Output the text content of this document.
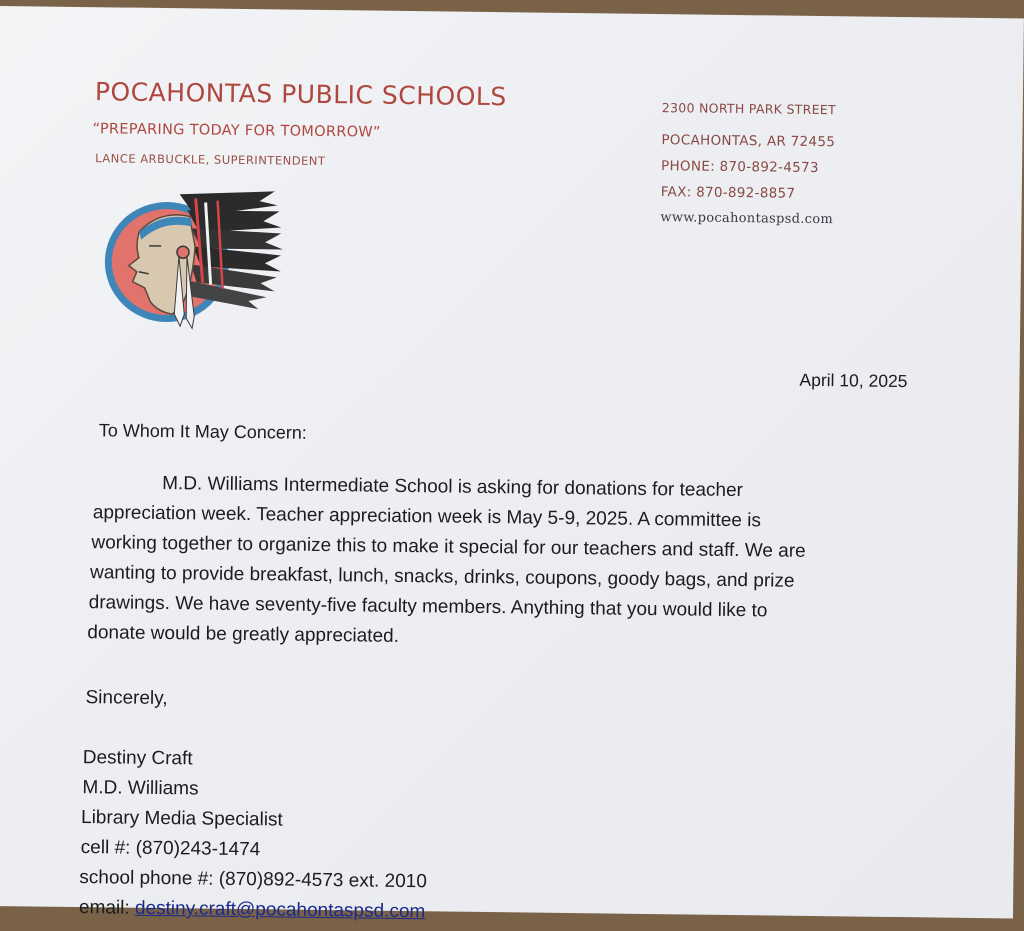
POCAHONTAS PUBLIC SCHOOLS
“PREPARING TODAY FOR TOMORROW”
LANCE ARBUCKLE, SUPERINTENDENT
2300 NORTH PARK STREET
POCAHONTAS, AR 72455
PHONE: 870-892-4573
FAX: 870-892-8857
www.pocahontaspsd.com
April 10, 2025
To Whom It May Concern:
M.D. Williams Intermediate School is asking for donations for teacher
appreciation week. Teacher appreciation week is May 5-9, 2025. A committee is
working together to organize this to make it special for our teachers and staff. We are
wanting to provide breakfast, lunch, snacks, drinks, coupons, goody bags, and prize
drawings. We have seventy-five faculty members. Anything that you would like to
donate would be greatly appreciated.
Sincerely,
Destiny Craft
M.D. Williams
Library Media Specialist
cell #: (870)243-1474
school phone #: (870)892-4573 ext. 2010
email: destiny.craft@pocahontaspsd.com
